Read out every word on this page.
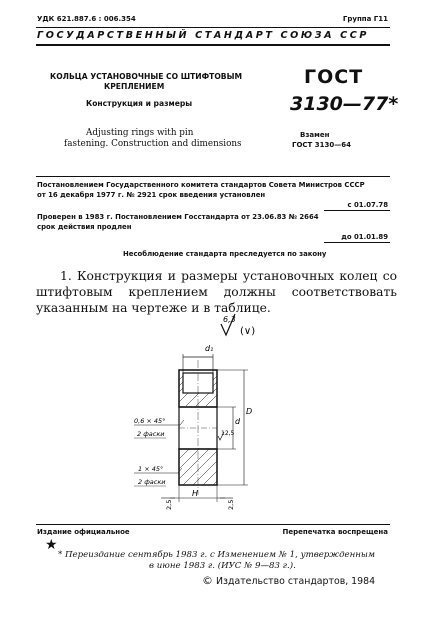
УДК 621.887.6 : 006.354	Группа Г11
ГОСУДАРСТВЕННЫЙ СТАНДАРТ СОЮЗА ССР
КОЛЬЦА УСТАНОВОЧНЫЕ СО ШТИФТОВЫМ
КРЕПЛЕНИЕМ
Конструкция и размеры
Adjusting rings with pin
fastening. Construction and dimensions
ГОСТ
3130—77*
Взамен
ГОСТ 3130—64
Постановлением Государственного комитета стандартов Совета Министров СССР
от 16 декабря 1977 г. № 2921 срок введения установлен
с 01.07.78
Проверен в 1983 г. Постановлением Госстандарта от 23.06.83 № 2664
срок действия продлен
до 01.01.89
Несоблюдение стандарта преследуется по закону
1. Конструкция и размеры установочных колец со штифтовым креплением должны соответствовать указанным на чертеже и в таблице.
6,3
(∨)
d₁
D
d
12,5
0,6 × 45°
2 фаски
1 × 45°
2 фаски
H
2,5	2,5
Издание официальное	Перепечатка воспрещена
★
* Переиздание сентябрь 1983 г. с Изменением № 1, утвержденным
в июне 1983 г. (ИУС № 9—83 г.).
© Издательство стандартов, 1984
